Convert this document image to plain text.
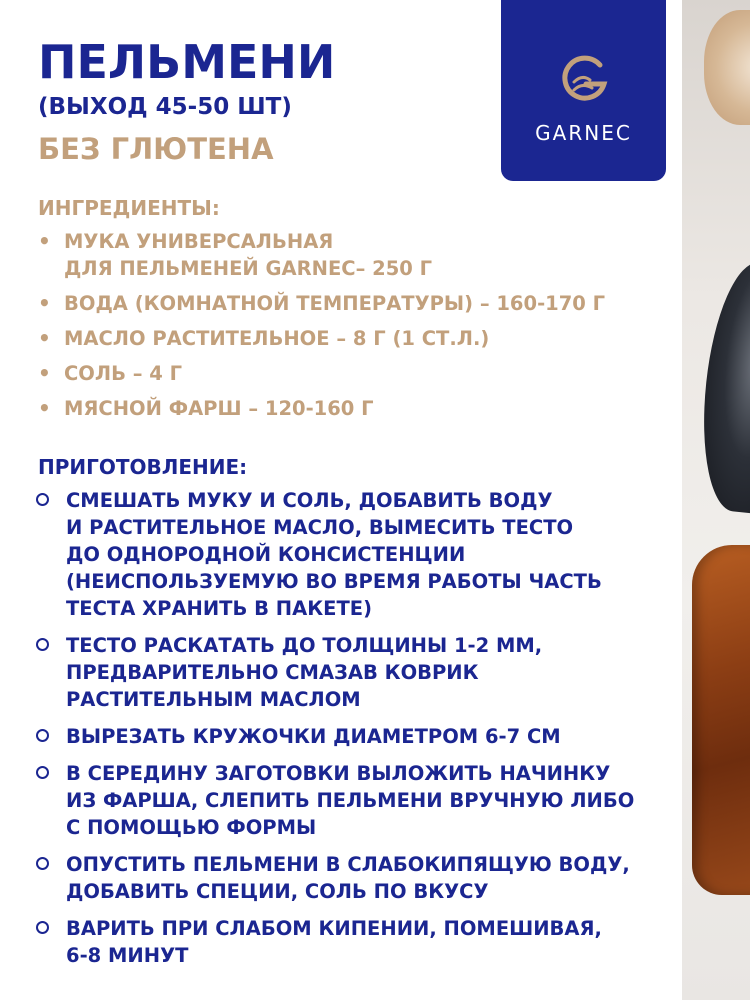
GARNEC
ПЕЛЬМЕНИ
(ВЫХОД 45-50 ШТ)
БЕЗ ГЛЮТЕНА
ИНГРЕДИЕНТЫ:
• МУКА УНИВЕРСАЛЬНАЯ
ДЛЯ ПЕЛЬМЕНЕЙ GARNEC– 250 Г
• ВОДА (КОМНАТНОЙ ТЕМПЕРАТУРЫ) – 160-170 Г
• МАСЛО РАСТИТЕЛЬНОЕ – 8 Г (1 СТ.Л.)
• СОЛЬ – 4 Г
• МЯСНОЙ ФАРШ – 120-160 Г
ПРИГОТОВЛЕНИЕ:
СМЕШАТЬ МУКУ И СОЛЬ, ДОБАВИТЬ ВОДУ
И РАСТИТЕЛЬНОЕ МАСЛО, ВЫМЕСИТЬ ТЕСТО
ДО ОДНОРОДНОЙ КОНСИСТЕНЦИИ
(НЕИСПОЛЬЗУЕМУЮ ВО ВРЕМЯ РАБОТЫ ЧАСТЬ
ТЕСТА ХРАНИТЬ В ПАКЕТЕ)
ТЕСТО РАСКАТАТЬ ДО ТОЛЩИНЫ 1-2 ММ,
ПРЕДВАРИТЕЛЬНО СМАЗАВ КОВРИК
РАСТИТЕЛЬНЫМ МАСЛОМ
ВЫРЕЗАТЬ КРУЖОЧКИ ДИАМЕТРОМ 6-7 СМ
В СЕРЕДИНУ ЗАГОТОВКИ ВЫЛОЖИТЬ НАЧИНКУ
ИЗ ФАРША, СЛЕПИТЬ ПЕЛЬМЕНИ ВРУЧНУЮ ЛИБО
С ПОМОЩЬЮ ФОРМЫ
ОПУСТИТЬ ПЕЛЬМЕНИ В СЛАБОКИПЯЩУЮ ВОДУ,
ДОБАВИТЬ СПЕЦИИ, СОЛЬ ПО ВКУСУ
ВАРИТЬ ПРИ СЛАБОМ КИПЕНИИ, ПОМЕШИВАЯ,
6-8 МИНУТ
